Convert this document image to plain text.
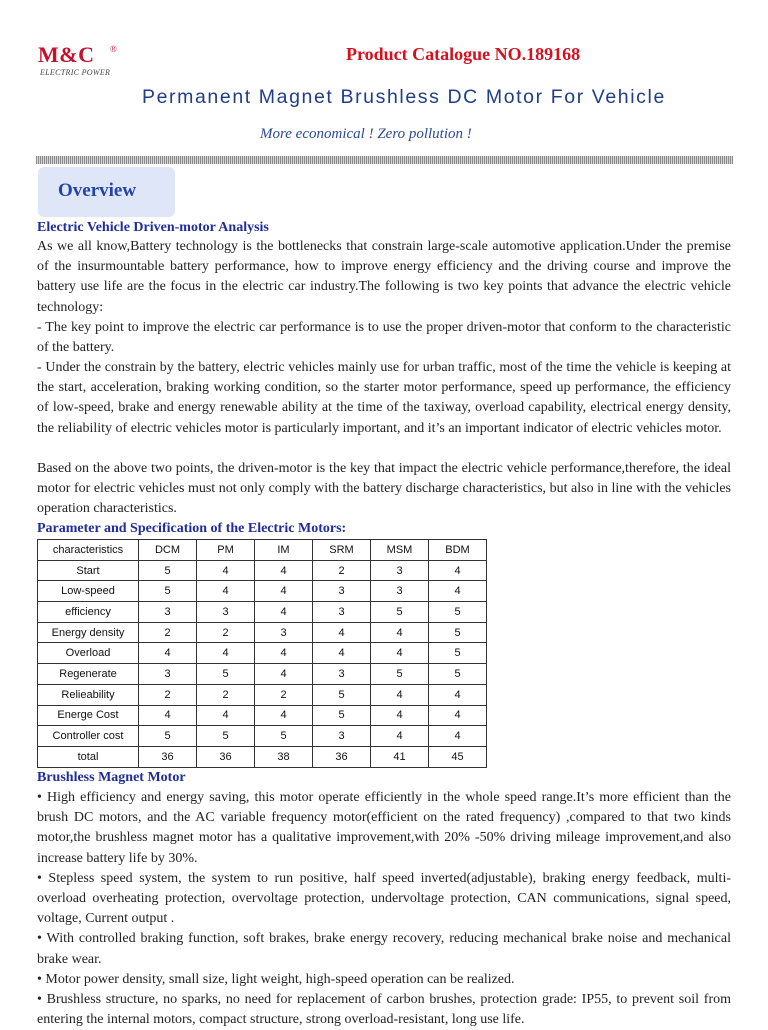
M&C	®
ELECTRIC POWER
Product Catalogue NO.189168
Permanent Magnet Brushless DC Motor For Vehicle
More economical ! Zero pollution !
Overview
Electric Vehicle Driven-motor Analysis
As we all know,Battery technology is the bottlenecks that constrain large-scale automotive application.Under the premise of the insurmountable battery performance, how to improve energy efficiency and the driving course and improve the battery use life are the focus in the electric car industry.The following is two key points that advance the electric vehicle technology:
- The key point to improve the electric car performance is to use the proper driven-motor that conform to the characteristic of the battery.
- Under the constrain by the battery, electric vehicles mainly use for urban traffic, most of the time the vehicle is keeping at the start, acceleration, braking working condition, so the starter motor performance, speed up performance, the efficiency of low-speed, brake and energy renewable ability at the time of the taxiway, overload capability, electrical energy density, the reliability of electric vehicles motor is particularly important, and it’s an important indicator of electric vehicles motor.
Based on the above two points, the driven-motor is the key that impact the electric vehicle performance,therefore, the ideal motor for electric vehicles must not only comply with the battery discharge characteristics, but also in line with the vehicles operation characteristics.
Parameter and Specification of the Electric Motors:
characteristics	DCM	PM	IM	SRM	MSM	BDM
Start	5	4	4	2	3	4
Low-speed	5	4	4	3	3	4
efficiency	3	3	4	3	5	5
Energy density	2	2	3	4	4	5
Overload	4	4	4	4	4	5
Regenerate	3	5	4	3	5	5
Relieability	2	2	2	5	4	4
Energe Cost	4	4	4	5	4	4
Controller cost	5	5	5	3	4	4
total	36	36	38	36	41	45
Brushless Magnet Motor
• High efficiency and energy saving, this motor operate efficiently in the whole speed range.It’s more efficient than the brush DC motors, and the AC variable frequency motor(efficient on the rated frequency) ,compared to that two kinds motor,the brushless magnet motor has a qualitative improvement,with 20% -50% driving mileage improvement,and also increase battery life by 30%.
• Stepless speed system, the system to run positive, half speed inverted(adjustable), braking energy feedback, multi-overload overheating protection, overvoltage protection, undervoltage protection, CAN communications, signal speed, voltage, Current output .
• With controlled braking function, soft brakes, brake energy recovery, reducing mechanical brake noise and mechanical brake wear.
• Motor power density, small size, light weight, high-speed operation can be realized.
• Brushless structure, no sparks, no need for replacement of carbon brushes, protection grade: IP55, to prevent soil from entering the internal motors, compact structure, strong overload-resistant, long use life.
